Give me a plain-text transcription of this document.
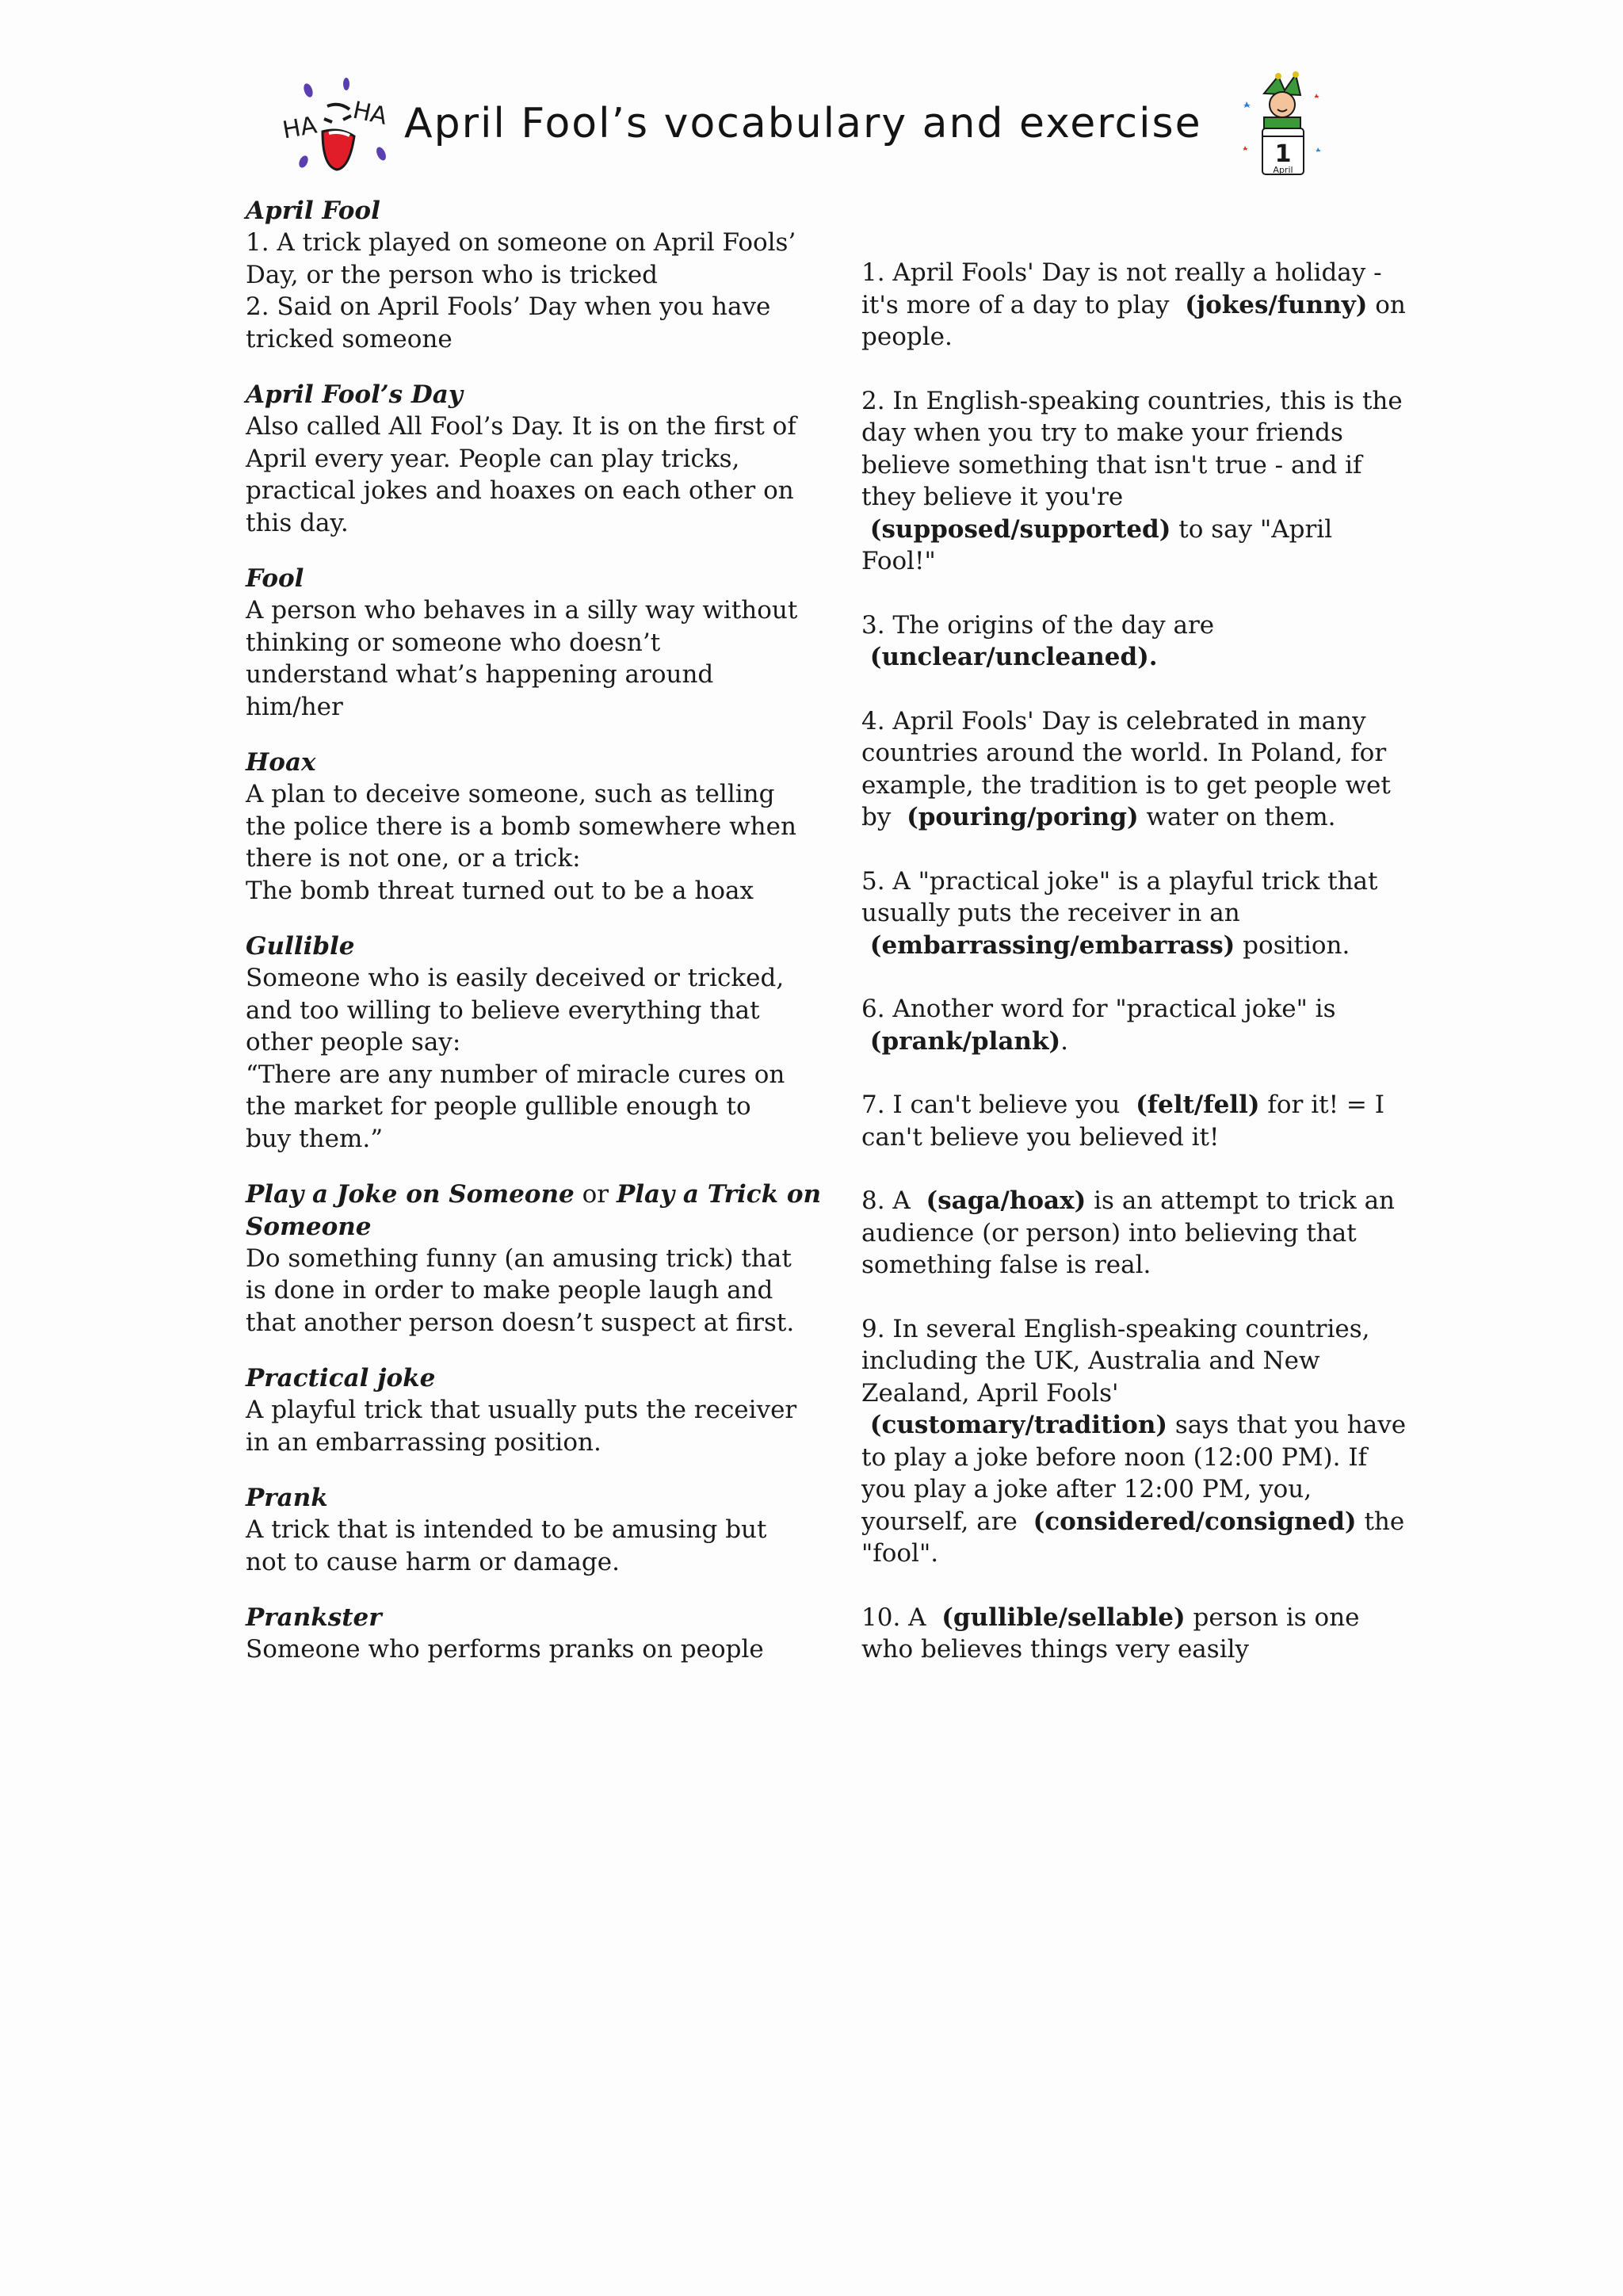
HA HA April Fool’s vocabulary and exercise
1
April
April Fool
1. A trick played on someone on April Fools’
Day, or the person who is tricked
2. Said on April Fools’ Day when you have
tricked someone
April Fool’s Day
Also called All Fool’s Day. It is on the first of
April every year. People can play tricks,
practical jokes and hoaxes on each other on
this day.
Fool
A person who behaves in a silly way without
thinking or someone who doesn’t
understand what’s happening around
him/her
Hoax
A plan to deceive someone, such as telling
the police there is a bomb somewhere when
there is not one, or a trick:
The bomb threat turned out to be a hoax
Gullible
Someone who is easily deceived or tricked,
and too willing to believe everything that
other people say:
“There are any number of miracle cures on
the market for people gullible enough to
buy them.”
Play a Joke on Someone or Play a Trick on
Someone
Do something funny (an amusing trick) that
is done in order to make people laugh and
that another person doesn’t suspect at first.
Practical joke
A playful trick that usually puts the receiver
in an embarrassing position.
Prank
A trick that is intended to be amusing but
not to cause harm or damage.
Prankster
Someone who performs pranks on people
1. April Fools' Day is not really a holiday -
it's more of a day to play  (jokes/funny) on
people.
2. In English-speaking countries, this is the
day when you try to make your friends
believe something that isn't true - and if
they believe it you're
(supposed/supported) to say "April
Fool!"
3. The origins of the day are
(unclear/uncleaned).
4. April Fools' Day is celebrated in many
countries around the world. In Poland, for
example, the tradition is to get people wet
by  (pouring/poring) water on them.
5. A "practical joke" is a playful trick that
usually puts the receiver in an
(embarrassing/embarrass) position.
6. Another word for "practical joke" is
(prank/plank).
7. I can't believe you  (felt/fell) for it! = I
can't believe you believed it!
8. A  (saga/hoax) is an attempt to trick an
audience (or person) into believing that
something false is real.
9. In several English-speaking countries,
including the UK, Australia and New
Zealand, April Fools'
(customary/tradition) says that you have
to play a joke before noon (12:00 PM). If
you play a joke after 12:00 PM, you,
yourself, are  (considered/consigned) the
"fool".
10. A  (gullible/sellable) person is one
who believes things very easily
